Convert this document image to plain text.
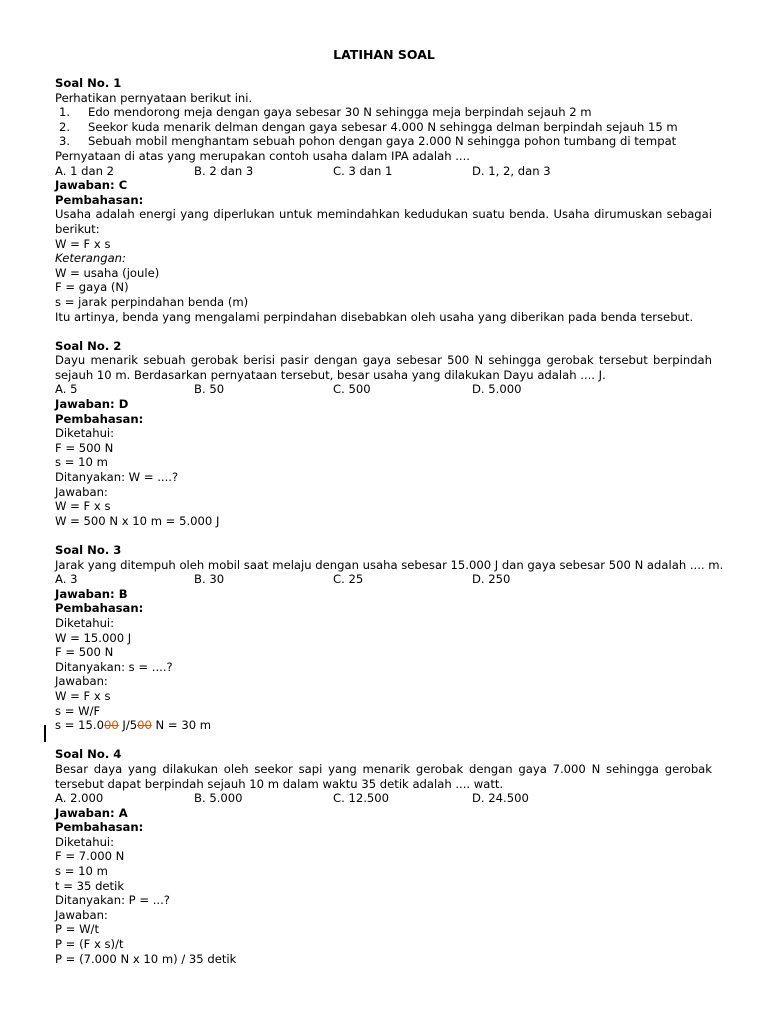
LATIHAN SOAL
Soal No. 1
Perhatikan pernyataan berikut ini.
1.	Edo mendorong meja dengan gaya sebesar 30 N sehingga meja berpindah sejauh 2 m
2.	Seekor kuda menarik delman dengan gaya sebesar 4.000 N sehingga delman berpindah sejauh 15 m
3.	Sebuah mobil menghantam sebuah pohon dengan gaya 2.000 N sehingga pohon tumbang di tempat
Pernyataan di atas yang merupakan contoh usaha dalam IPA adalah ....
A. 1 dan 2	B. 2 dan 3	C. 3 dan 1	D. 1, 2, dan 3
Jawaban: C
Pembahasan:
Usaha adalah energi yang diperlukan untuk memindahkan kedudukan suatu benda. Usaha dirumuskan sebagai berikut:
W = F x s
Keterangan:
W = usaha (joule)
F = gaya (N)
s = jarak perpindahan benda (m)
Itu artinya, benda yang mengalami perpindahan disebabkan oleh usaha yang diberikan pada benda tersebut.
Soal No. 2
Dayu menarik sebuah gerobak berisi pasir dengan gaya sebesar 500 N sehingga gerobak tersebut berpindah sejauh 10 m. Berdasarkan pernyataan tersebut, besar usaha yang dilakukan Dayu adalah .... J.
A. 5	B. 50	C. 500	D. 5.000
Jawaban: D
Pembahasan:
Diketahui:
F = 500 N
s = 10 m
Ditanyakan: W = ....?
Jawaban:
W = F x s
W = 500 N x 10 m = 5.000 J
Soal No. 3
Jarak yang ditempuh oleh mobil saat melaju dengan usaha sebesar 15.000 J dan gaya sebesar 500 N adalah .... m.
A. 3	B. 30	C. 25	D. 250
Jawaban: B
Pembahasan:
Diketahui:
W = 15.000 J
F = 500 N
Ditanyakan: s = ....?
Jawaban:
W = F x s
s = W/F
s = 15.000 J/500 N = 30 m
Soal No. 4
Besar daya yang dilakukan oleh seekor sapi yang menarik gerobak dengan gaya 7.000 N sehingga gerobak tersebut dapat berpindah sejauh 10 m dalam waktu 35 detik adalah .... watt.
A. 2.000	B. 5.000	C. 12.500	D. 24.500
Jawaban: A
Pembahasan:
Diketahui:
F = 7.000 N
s = 10 m
t = 35 detik
Ditanyakan: P = ...?
Jawaban:
P = W/t
P = (F x s)/t
P = (7.000 N x 10 m) / 35 detik
